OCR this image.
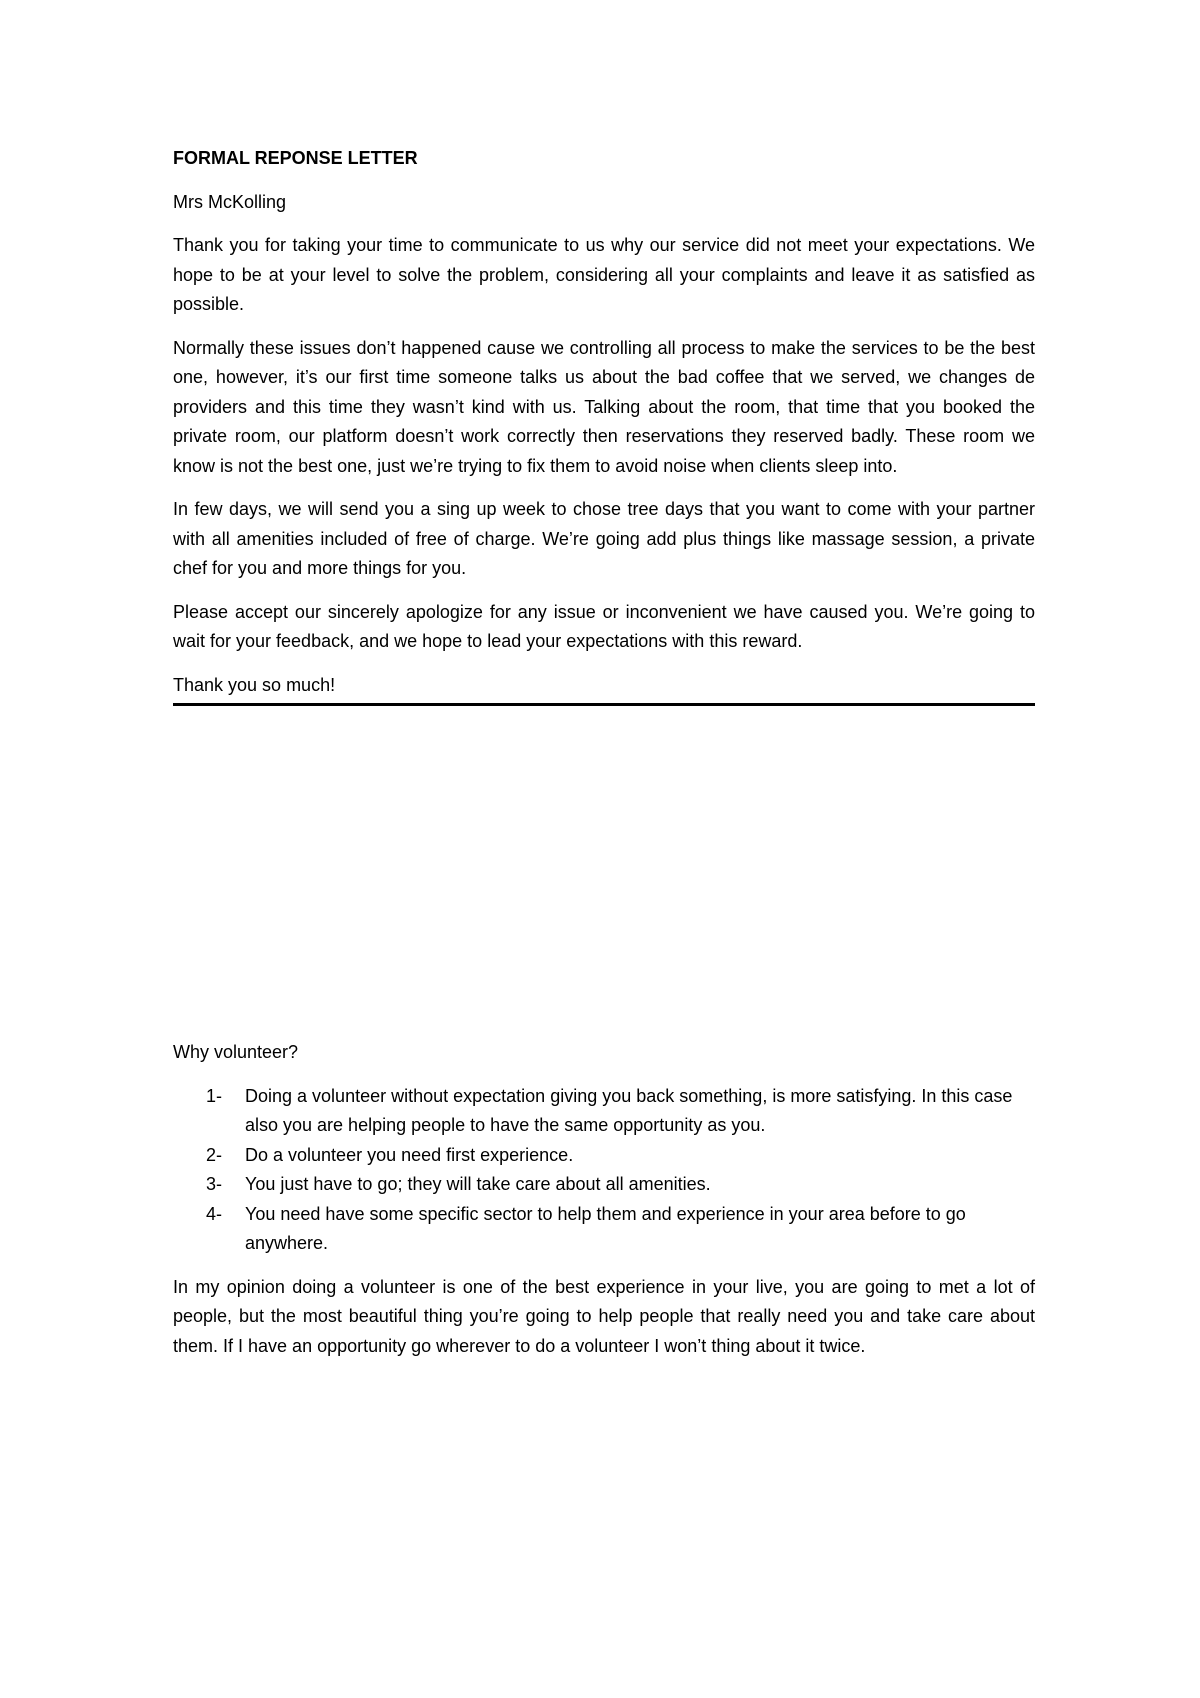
FORMAL REPONSE LETTER

Mrs McKolling

Thank you for taking your time to communicate to us why our service did not meet your expectations. We hope to be at your level to solve the problem, considering all your complaints and leave it as satisfied as possible.

Normally these issues don’t happened cause we controlling all process to make the services to be the best one, however, it’s our first time someone talks us about the bad coffee that we served, we changes de providers and this time they wasn’t kind with us. Talking about the room, that time that you booked the private room, our platform doesn’t work correctly then reservations they reserved badly. These room we know is not the best one, just we’re trying to fix them to avoid noise when clients sleep into.

In few days, we will send you a sing up week to chose tree days that you want to come with your partner with all amenities included of free of charge. We’re going add plus things like massage session, a private chef for you and more things for you.

Please accept our sincerely apologize for any issue or inconvenient we have caused you. We’re going to wait for your feedback, and we hope to lead your expectations with this reward.

Thank you so much!

Why volunteer?

1- Doing a volunteer without expectation giving you back something, is more satisfying. In this case also you are helping people to have the same opportunity as you.
2- Do a volunteer you need first experience.
3- You just have to go; they will take care about all amenities.
4- You need have some specific sector to help them and experience in your area before to go anywhere.

In my opinion doing a volunteer is one of the best experience in your live, you are going to met a lot of people, but the most beautiful thing you’re going to help people that really need you and take care about them. If I have an opportunity go wherever to do a volunteer I won’t thing about it twice.
